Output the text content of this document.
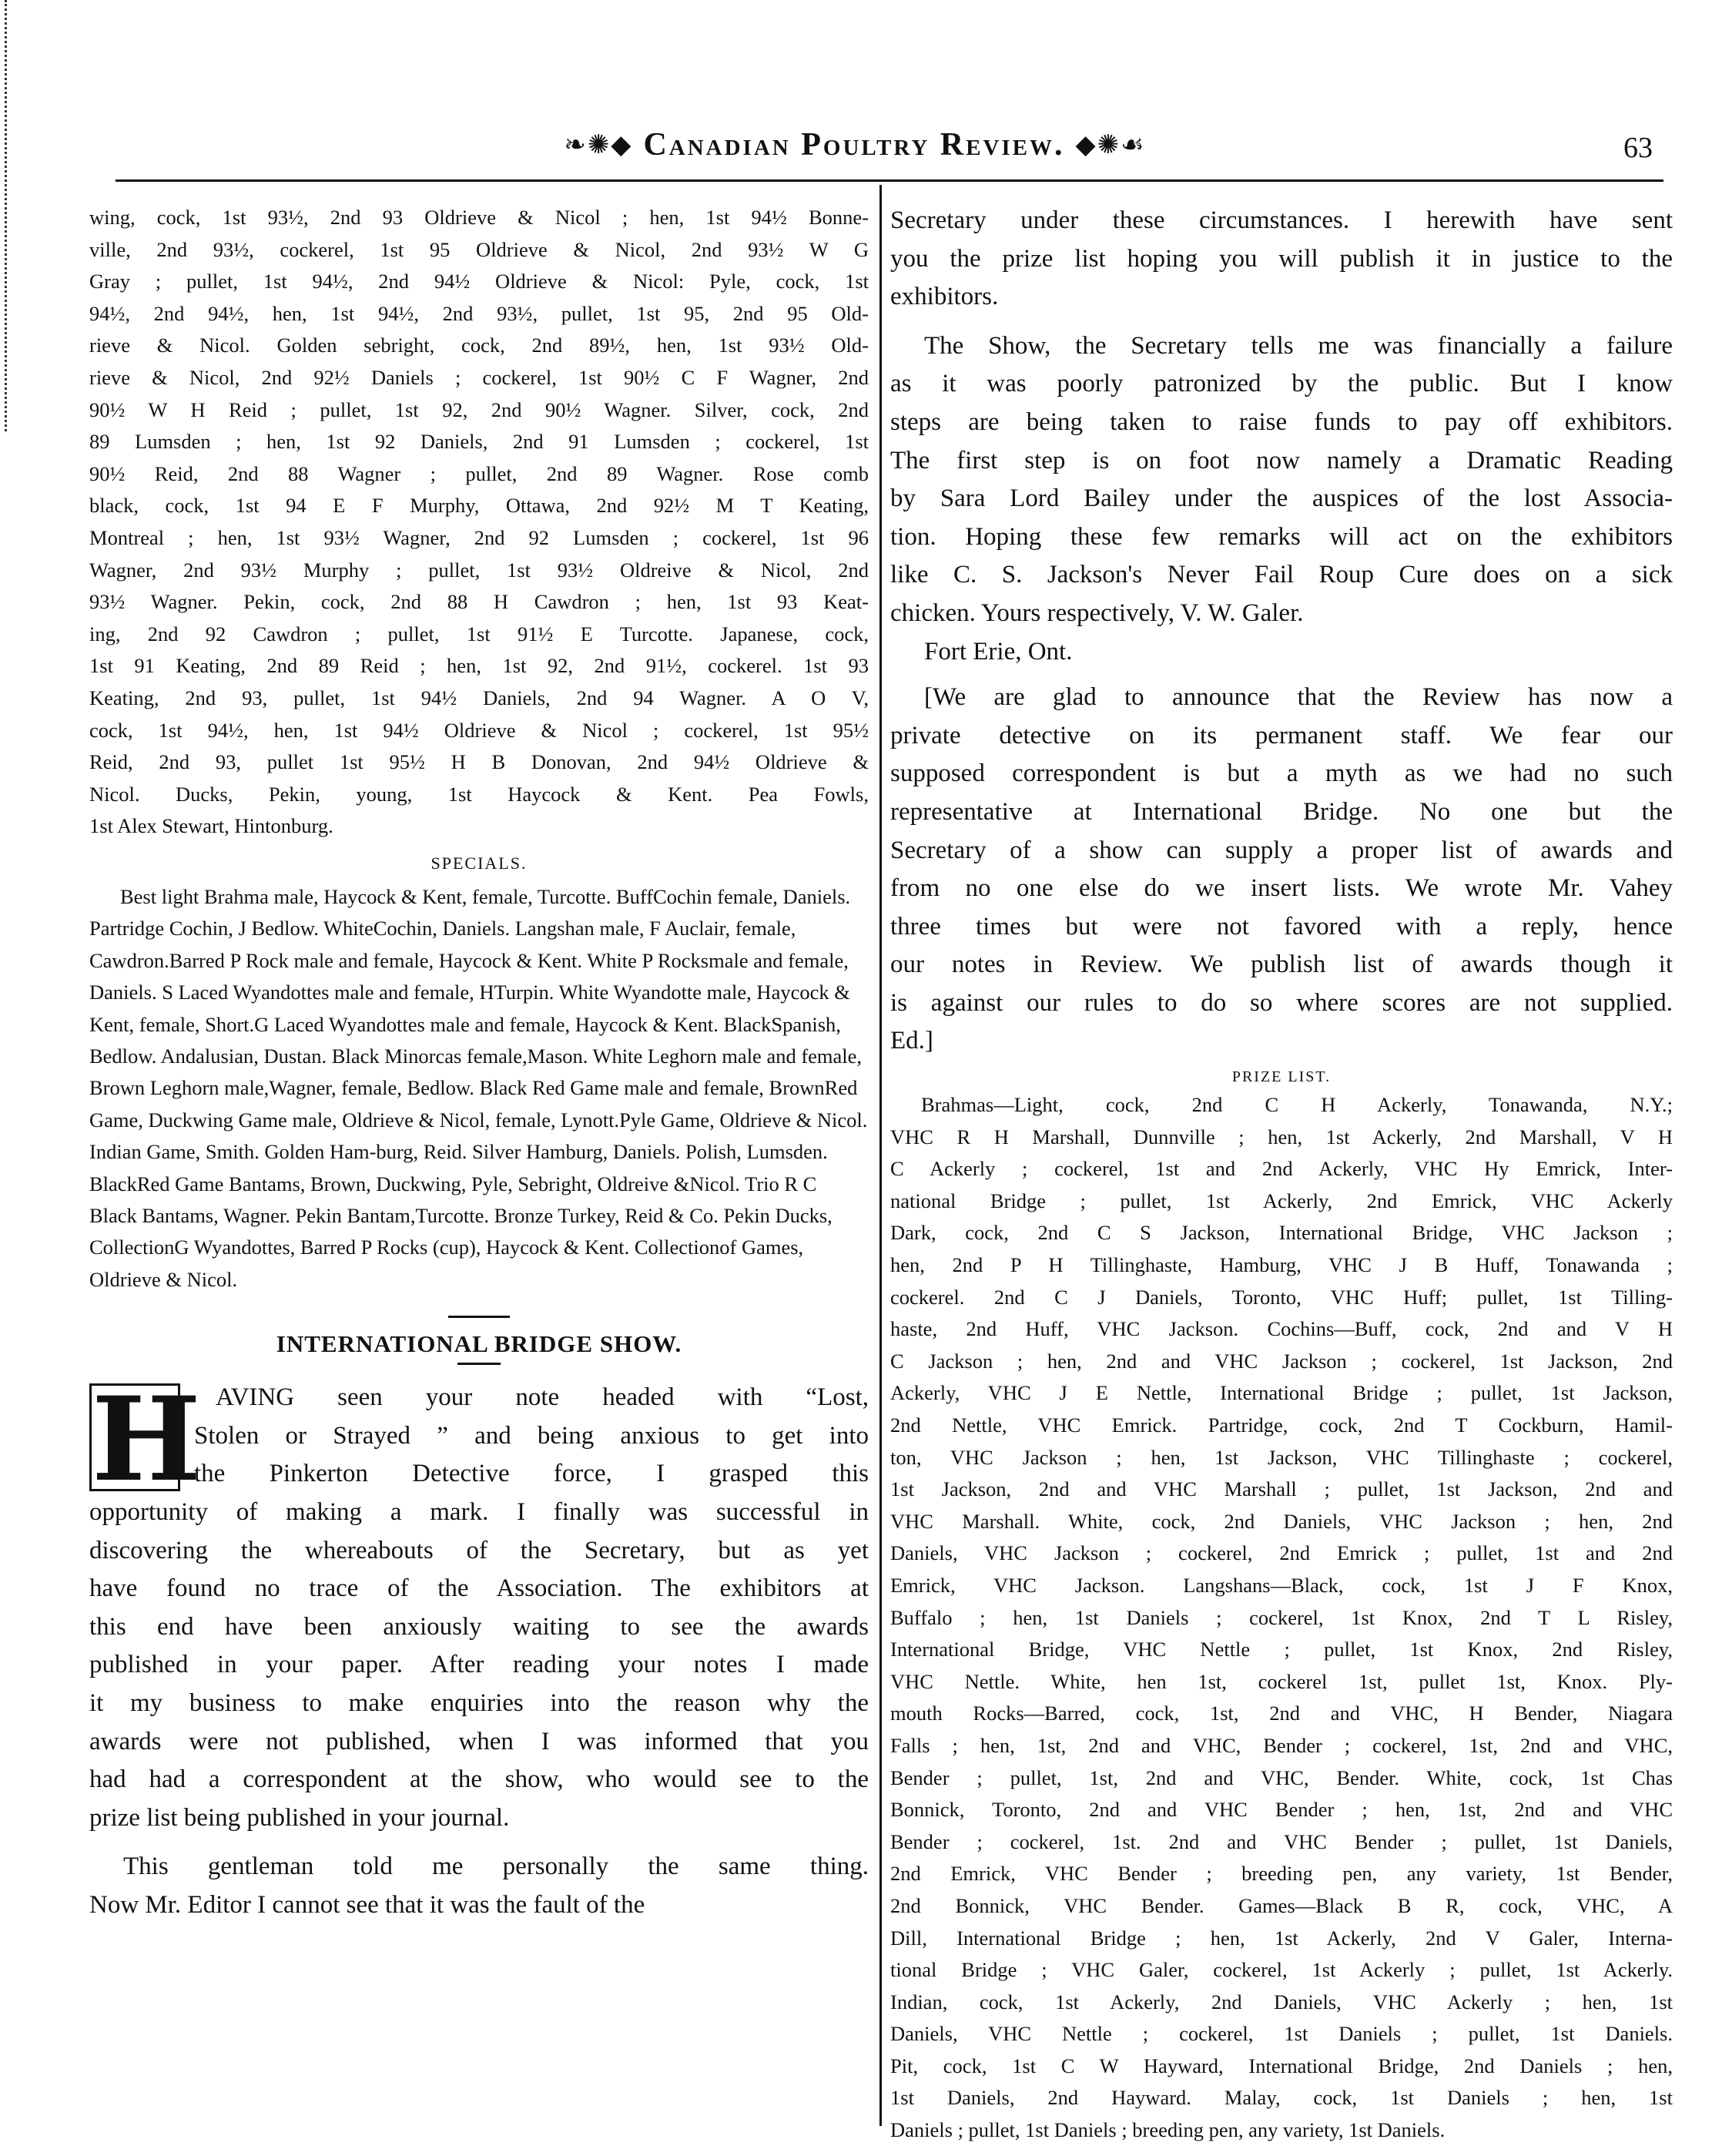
❧✺◆ Canadian Poultry Review. ◆✺☙	63
wing, cock, 1st 93½, 2nd 93 Oldrieve & Nicol ; hen, 1st 94½ Bonne-
ville, 2nd 93½, cockerel, 1st 95 Oldrieve & Nicol, 2nd 93½ W G
Gray ; pullet, 1st 94½, 2nd 94½ Oldrieve & Nicol: Pyle, cock, 1st
94½, 2nd 94½, hen, 1st 94½, 2nd 93½, pullet, 1st 95, 2nd 95 Old-
rieve & Nicol. Golden sebright, cock, 2nd 89½, hen, 1st 93½ Old-
rieve & Nicol, 2nd 92½ Daniels ; cockerel, 1st 90½ C F Wagner, 2nd
90½ W H Reid ; pullet, 1st 92, 2nd 90½ Wagner. Silver, cock, 2nd
89 Lumsden ; hen, 1st 92 Daniels, 2nd 91 Lumsden ; cockerel, 1st
90½ Reid, 2nd 88 Wagner ; pullet, 2nd 89 Wagner. Rose comb
black, cock, 1st 94 E F Murphy, Ottawa, 2nd 92½ M T Keating,
Montreal ; hen, 1st 93½ Wagner, 2nd 92 Lumsden ; cockerel, 1st 96
Wagner, 2nd 93½ Murphy ; pullet, 1st 93½ Oldreive & Nicol, 2nd
93½ Wagner. Pekin, cock, 2nd 88 H Cawdron ; hen, 1st 93 Keat-
ing, 2nd 92 Cawdron ; pullet, 1st 91½ E Turcotte. Japanese, cock,
1st 91 Keating, 2nd 89 Reid ; hen, 1st 92, 2nd 91½, cockerel. 1st 93
Keating, 2nd 93, pullet, 1st 94½ Daniels, 2nd 94 Wagner. A O V,
cock, 1st 94½, hen, 1st 94½ Oldrieve & Nicol ; cockerel, 1st 95½
Reid, 2nd 93, pullet 1st 95½ H B Donovan, 2nd 94½ Oldrieve &
Nicol. Ducks, Pekin, young, 1st Haycock & Kent. Pea Fowls,
1st Alex Stewart, Hintonburg.
SPECIALS.
Best light Brahma male, Haycock & Kent, female, Turcotte. BuffCochin female, Daniels. Partridge Cochin, J Bedlow. WhiteCochin, Daniels. Langshan male, F Auclair, female, Cawdron.Barred P Rock male and female, Haycock & Kent. White P Rocksmale and female, Daniels. S Laced Wyandottes male and female, HTurpin. White Wyandotte male, Haycock & Kent, female, Short.G Laced Wyandottes male and female, Haycock & Kent. BlackSpanish, Bedlow. Andalusian, Dustan. Black Minorcas female,Mason. White Leghorn male and female, Brown Leghorn male,Wagner, female, Bedlow. Black Red Game male and female, BrownRed Game, Duckwing Game male, Oldrieve & Nicol, female, Lynott.Pyle Game, Oldrieve & Nicol. Indian Game, Smith. Golden Ham-burg, Reid. Silver Hamburg, Daniels. Polish, Lumsden. BlackRed Game Bantams, Brown, Duckwing, Pyle, Sebright, Oldreive &Nicol. Trio R C Black Bantams, Wagner. Pekin Bantam,Turcotte. Bronze Turkey, Reid & Co. Pekin Ducks, CollectionG Wyandottes, Barred P Rocks (cup), Haycock & Kent. Collectionof Games, Oldrieve & Nicol.
INTERNATIONAL BRIDGE SHOW.
H AVING seen your note headed with “Lost,
Stolen or Strayed ” and being anxious to get into
the Pinkerton Detective force, I grasped this
opportunity of making a mark. I finally was successful in
discovering the whereabouts of the Secretary, but as yet
have found no trace of the Association. The exhibitors at
this end have been anxiously waiting to see the awards
published in your paper. After reading your notes I made
it my business to make enquiries into the reason why the
awards were not published, when I was informed that you
had had a correspondent at the show, who would see to the
prize list being published in your journal.
This gentleman told me personally the same thing.
Now Mr. Editor I cannot see that it was the fault of the
Secretary under these circumstances. I herewith have sent
you the prize list hoping you will publish it in justice to the
exhibitors.
The Show, the Secretary tells me was financially a failure
as it was poorly patronized by the public. But I know
steps are being taken to raise funds to pay off exhibitors.
The first step is on foot now namely a Dramatic Reading
by Sara Lord Bailey under the auspices of the lost Associa-
tion. Hoping these few remarks will act on the exhibitors
like C. S. Jackson's Never Fail Roup Cure does on a sick
chicken. Yours respectively, V. W. Galer.
Fort Erie, Ont.
[We are glad to announce that the Review has now a
private detective on its permanent staff. We fear our
supposed correspondent is but a myth as we had no such
representative at International Bridge. No one but the
Secretary of a show can supply a proper list of awards and
from no one else do we insert lists. We wrote Mr. Vahey
three times but were not favored with a reply, hence
our notes in Review. We publish list of awards though it
is against our rules to do so where scores are not supplied.
Ed.]
PRIZE LIST.
Brahmas—Light, cock, 2nd C H Ackerly, Tonawanda, N.Y.;
VHC R H Marshall, Dunnville ; hen, 1st Ackerly, 2nd Marshall, V H
C Ackerly ; cockerel, 1st and 2nd Ackerly, VHC Hy Emrick, Inter-
national Bridge ; pullet, 1st Ackerly, 2nd Emrick, VHC Ackerly
Dark, cock, 2nd C S Jackson, International Bridge, VHC Jackson ;
hen, 2nd P H Tillinghaste, Hamburg, VHC J B Huff, Tonawanda ;
cockerel. 2nd C J Daniels, Toronto, VHC Huff; pullet, 1st Tilling-
haste, 2nd Huff, VHC Jackson. Cochins—Buff, cock, 2nd and V H
C Jackson ; hen, 2nd and VHC Jackson ; cockerel, 1st Jackson, 2nd
Ackerly, VHC J E Nettle, International Bridge ; pullet, 1st Jackson,
2nd Nettle, VHC Emrick. Partridge, cock, 2nd T Cockburn, Hamil-
ton, VHC Jackson ; hen, 1st Jackson, VHC Tillinghaste ; cockerel,
1st Jackson, 2nd and VHC Marshall ; pullet, 1st Jackson, 2nd and
VHC Marshall. White, cock, 2nd Daniels, VHC Jackson ; hen, 2nd
Daniels, VHC Jackson ; cockerel, 2nd Emrick ; pullet, 1st and 2nd
Emrick, VHC Jackson. Langshans—Black, cock, 1st J F Knox,
Buffalo ; hen, 1st Daniels ; cockerel, 1st Knox, 2nd T L Risley,
International Bridge, VHC Nettle ; pullet, 1st Knox, 2nd Risley,
VHC Nettle. White, hen 1st, cockerel 1st, pullet 1st, Knox. Ply-
mouth Rocks—Barred, cock, 1st, 2nd and VHC, H Bender, Niagara
Falls ; hen, 1st, 2nd and VHC, Bender ; cockerel, 1st, 2nd and VHC,
Bender ; pullet, 1st, 2nd and VHC, Bender. White, cock, 1st Chas
Bonnick, Toronto, 2nd and VHC Bender ; hen, 1st, 2nd and VHC
Bender ; cockerel, 1st. 2nd and VHC Bender ; pullet, 1st Daniels,
2nd Emrick, VHC Bender ; breeding pen, any variety, 1st Bender,
2nd Bonnick, VHC Bender. Games—Black B R, cock, VHC, A
Dill, International Bridge ; hen, 1st Ackerly, 2nd V Galer, Interna-
tional Bridge ; VHC Galer, cockerel, 1st Ackerly ; pullet, 1st Ackerly.
Indian, cock, 1st Ackerly, 2nd Daniels, VHC Ackerly ; hen, 1st
Daniels, VHC Nettle ; cockerel, 1st Daniels ; pullet, 1st Daniels.
Pit, cock, 1st C W Hayward, International Bridge, 2nd Daniels ; hen,
1st Daniels, 2nd Hayward. Malay, cock, 1st Daniels ; hen, 1st
Daniels ; pullet, 1st Daniels ; breeding pen, any variety, 1st Daniels.
